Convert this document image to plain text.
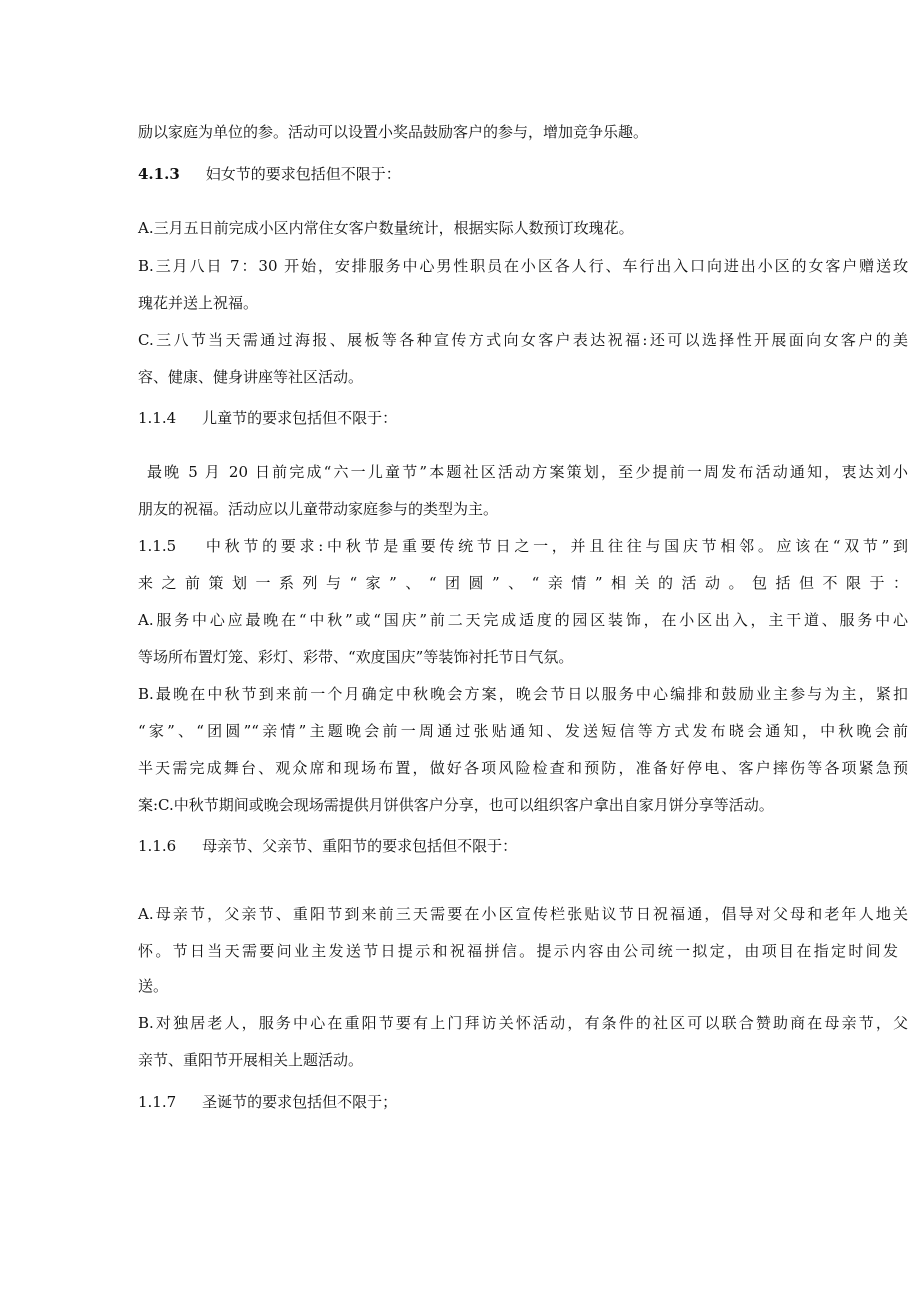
励以家庭为单位的参。活动可以设置小奖品鼓励客户的参与，增加竞争乐趣。
4.1.3 妇女节的要求包括但不限于：
A.三月五日前完成小区内常住女客户数量统计，根据实际人数预订玫瑰花。
B.三月八日 7：30 开始，安排服务中心男性职员在小区各人行、车行出入口向进出小区的女客户赠送玫
瑰花并送上祝福。
C.三八节当天需通过海报、展板等各种宣传方式向女客户表达祝福:还可以选择性开展面向女客户的美
容、健康、健身讲座等社区活动。
1.1.4 儿童节的要求包括但不限于：
最晚 5 月 20 日前完成“六一儿童节”本题社区活动方案策划，至少提前一周发布活动通知，衷达刘小
朋友的祝福。活动应以儿童带动家庭参与的类型为主。
1.1.5 中秋节的要求:中秋节是重要传统节日之一，并且往往与国庆节相邻。应该在“双节”到
来之前策划一系列与“家”、“团圆”、“亲情”相关的活动。包括但不限于：
A.服务中心应最晚在“中秋”或“国庆”前二天完成适度的园区装饰，在小区出入，主干道、服务中心
等场所布置灯笼、彩灯、彩带、“欢度国庆”等装饰衬托节日气氛。
B.最晚在中秋节到来前一个月确定中秋晚会方案，晚会节日以服务中心编排和鼓励业主参与为主，紧扣
“家”、“团圆”“亲情”主题晚会前一周通过张贴通知、发送短信等方式发布晓会通知，中秋晚会前
半天需完成舞台、观众席和现场布置，做好各项风险检查和预防，准备好停电、客户摔伤等各项紧急预
案:C.中秋节期间或晚会现场需提供月饼供客户分享，也可以组织客户拿出自家月饼分享等活动。
1.1.6 母亲节、父亲节、重阳节的要求包括但不限于：
A.母亲节，父亲节、重阳节到来前三天需要在小区宣传栏张贴议节日祝福通，倡导对父母和老年人地关
怀。节日当天需要问业主发送节日提示和祝福拼信。提示内容由公司统一拟定，由项目在指定时间发
送。
B.对独居老人，服务中心在重阳节要有上门拜访关怀活动，有条件的社区可以联合赞助商在母亲节，父
亲节、重阳节开展相关上题活动。
1.1.7 圣诞节的要求包括但不限于；
